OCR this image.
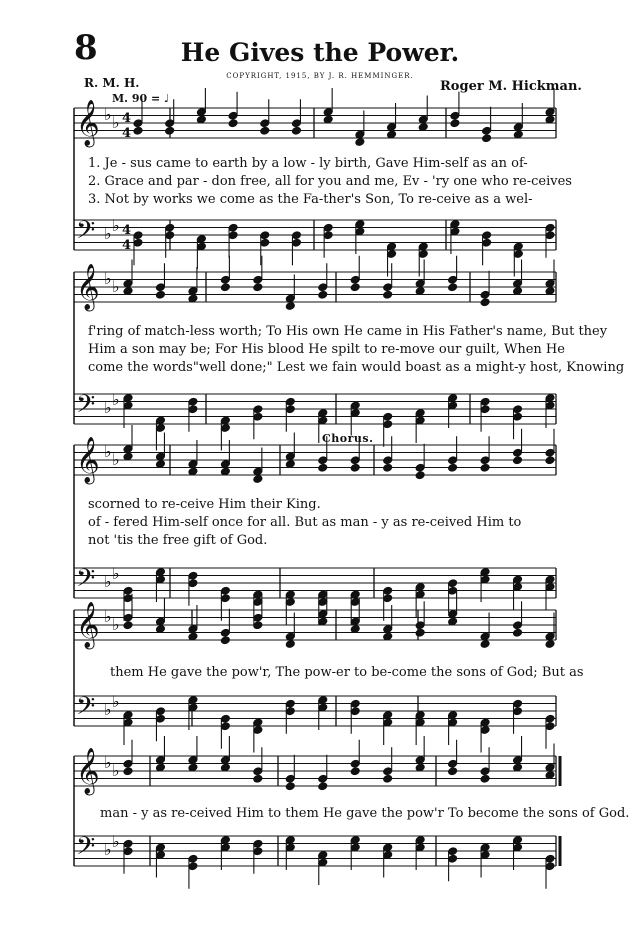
8	He Gives the Power.
COPYRIGHT, 1915, BY J. R. HEMMINGER.
R. M. H.	Roger M. Hickman.
M. 90 = ♩
𝄞 ♭ ♭ 4
4
𝄢 ♭ ♭ 4
4
𝄞 ♭ ♭
𝄢 ♭ ♭
𝄞 ♭ ♭
𝄢 ♭ ♭
𝄞 ♭ ♭
𝄢 ♭ ♭
𝄞 ♭ ♭
𝄢 ♭ ♭
1. Je - sus came to earth by a low - ly birth, Gave Him-self as an of-
2. Grace and par - don free, all for you and me, Ev - 'ry one who re-ceives
3. Not by works we come as the Fa-ther's Son, To re-ceive as a wel-
f'ring of match-less worth; To His own He came in His Father's name, But they
Him a son may be; For His blood He spilt to re-move our guilt, When He
come the words"well done;" Lest we fain would boast as a might-y host, Knowing
Chorus.
scorned to re-ceive Him their King.
of - fered Him-self once for all. But as man - y as re-ceived Him to
not 'tis the free gift of God.
them He gave the pow'r, The pow-er to be-come the sons of God; But as
man - y as re-ceived Him to them He gave the pow'r To become the sons of God.
